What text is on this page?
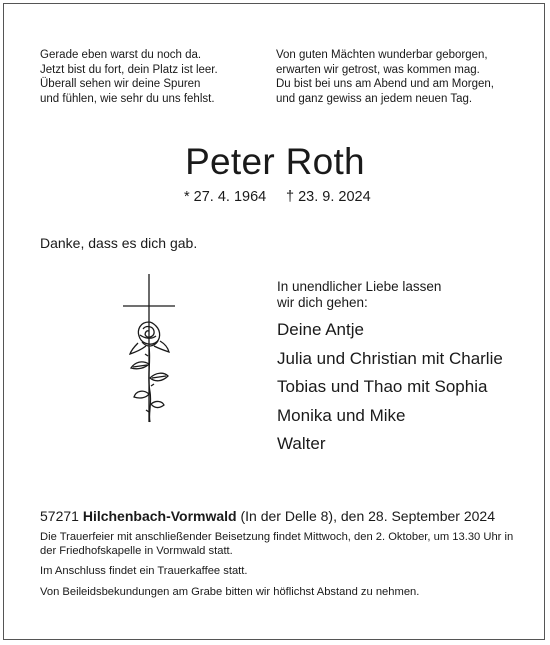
Gerade eben warst du noch da.
Jetzt bist du fort, dein Platz ist leer.
Überall sehen wir deine Spuren
und fühlen, wie sehr du uns fehlst.
Von guten Mächten wunderbar geborgen,
erwarten wir getrost, was kommen mag.
Du bist bei uns am Abend und am Morgen,
und ganz gewiss an jedem neuen Tag.
Peter Roth
* 27. 4. 1964 † 23. 9. 2024
Danke, dass es dich gab.
In unendlicher Liebe lassen
wir dich gehen:
Deine Antje
Julia und Christian mit Charlie
Tobias und Thao mit Sophia
Monika und Mike
Walter
57271 Hilchenbach-Vormwald (In der Delle 8), den 28. September 2024
Die Trauerfeier mit anschließender Beisetzung findet Mittwoch, den 2. Oktober, um 13.30 Uhr in der Friedhofskapelle in Vormwald statt.
Im Anschluss findet ein Trauerkaffee statt.
Von Beileidsbekundungen am Grabe bitten wir höflichst Abstand zu nehmen.
